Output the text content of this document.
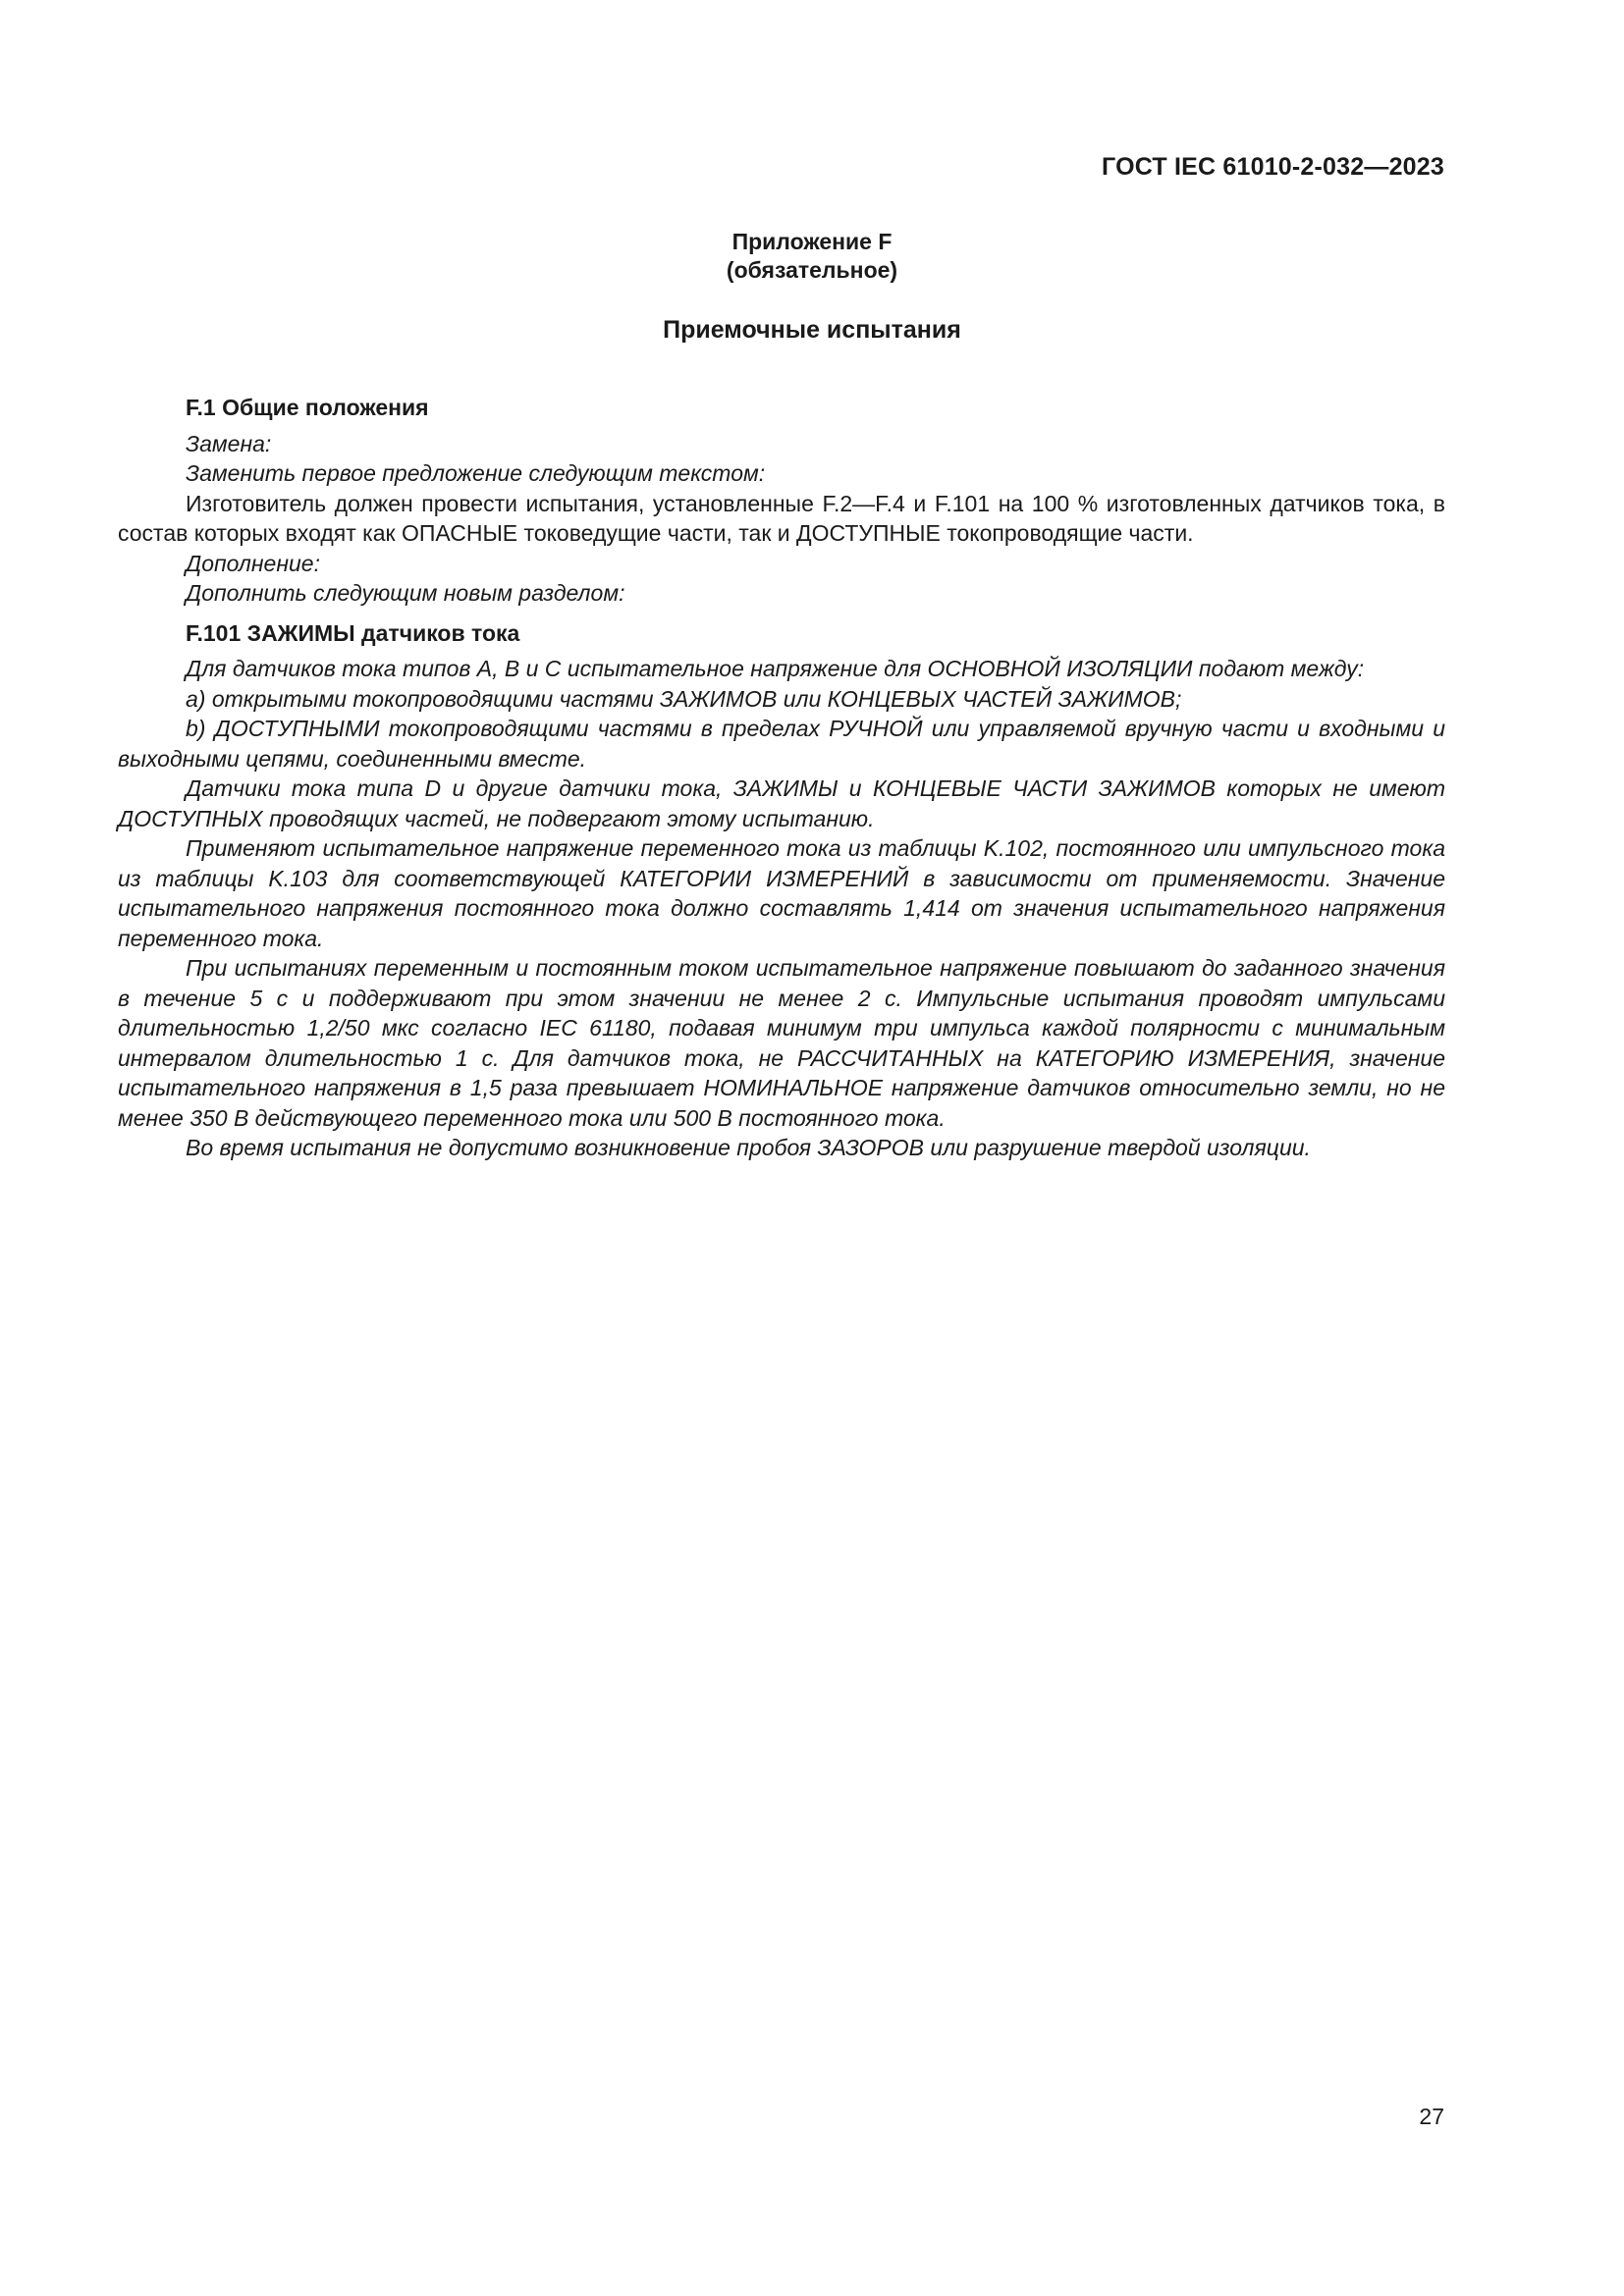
ГОСТ IEC 61010-2-032—2023
Приложение F
(обязательное)
Приемочные испытания

F.1 Общие положения

Замена:

Заменить первое предложение следующим текстом:

Изготовитель должен провести испытания, установленные F.2—F.4 и F.101 на 100 % изготовленных датчиков тока, в состав которых входят как ОПАСНЫЕ токоведущие части, так и ДОСТУПНЫЕ токопроводящие части.

Дополнение:

Дополнить следующим новым разделом:

F.101 ЗАЖИМЫ датчиков тока

Для датчиков тока типов A, B и C испытательное напряжение для ОСНОВНОЙ ИЗОЛЯЦИИ подают между:

a) открытыми токопроводящими частями ЗАЖИМОВ или КОНЦЕВЫХ ЧАСТЕЙ ЗАЖИМОВ;

b) ДОСТУПНЫМИ токопроводящими частями в пределах РУЧНОЙ или управляемой вручную части и входными и выходными цепями, соединенными вместе.

Датчики тока типа D и другие датчики тока, ЗАЖИМЫ и КОНЦЕВЫЕ ЧАСТИ ЗАЖИМОВ которых не имеют ДОСТУПНЫХ проводящих частей, не подвергают этому испытанию.

Применяют испытательное напряжение переменного тока из таблицы K.102, постоянного или импульсного тока из таблицы K.103 для соответствующей КАТЕГОРИИ ИЗМЕРЕНИЙ в зависимости от применяемости. Значение испытательного напряжения постоянного тока должно составлять 1,414 от значения испытательного напряжения переменного тока.

При испытаниях переменным и постоянным током испытательное напряжение повышают до заданного значения в течение 5 с и поддерживают при этом значении не менее 2 с. Импульсные испытания проводят импульсами длительностью 1,2/50 мкс согласно IEC 61180, подавая минимум три импульса каждой полярности с минимальным интервалом длительностью 1 с. Для датчиков тока, не РАССЧИТАННЫХ на КАТЕГОРИЮ ИЗМЕРЕНИЯ, значение испытательного напряжения в 1,5 раза превышает НОМИНАЛЬНОЕ напряжение датчиков относительно земли, но не менее 350 В действующего переменного тока или 500 В постоянного тока.

Во время испытания не допустимо возникновение пробоя ЗАЗОРОВ или разрушение твердой изоляции.

27
